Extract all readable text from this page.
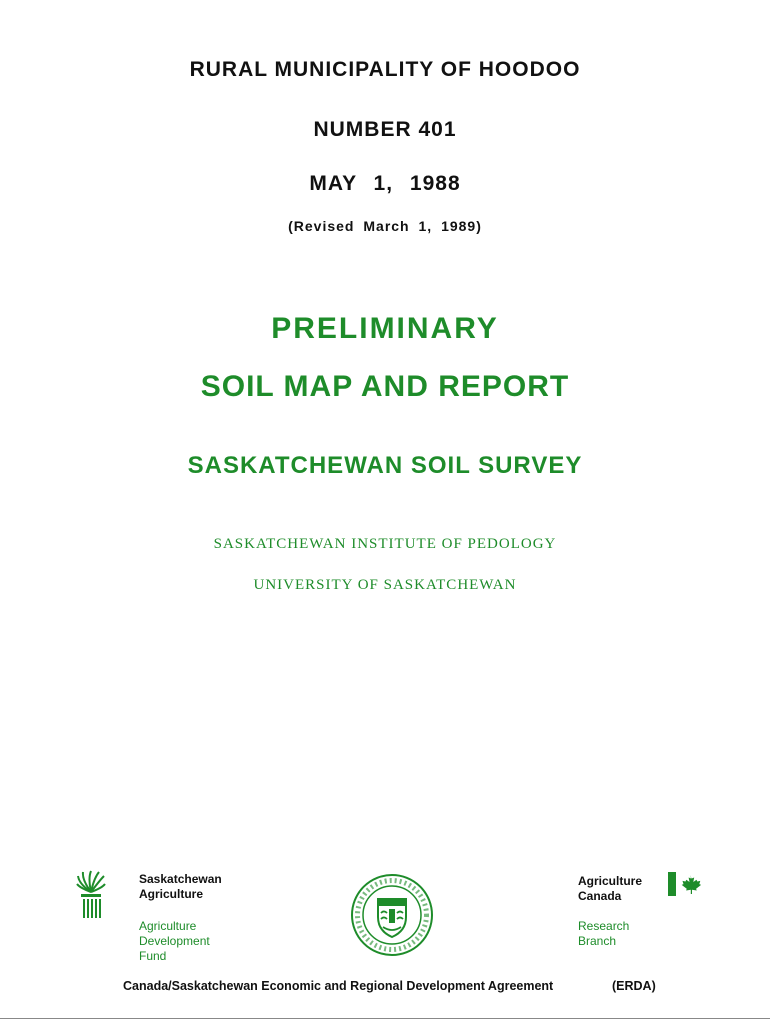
RURAL MUNICIPALITY OF HOODOO
NUMBER 401
MAY 1, 1988
(Revised March 1, 1989)
PRELIMINARY
SOIL MAP AND REPORT
SASKATCHEWAN SOIL SURVEY
SASKATCHEWAN INSTITUTE OF PEDOLOGY
UNIVERSITY OF SASKATCHEWAN
Saskatchewan
Agriculture
Agriculture
Development
Fund
Agriculture
Canada
Research
Branch
Canada/Saskatchewan Economic and Regional Development Agreement	(ERDA)
